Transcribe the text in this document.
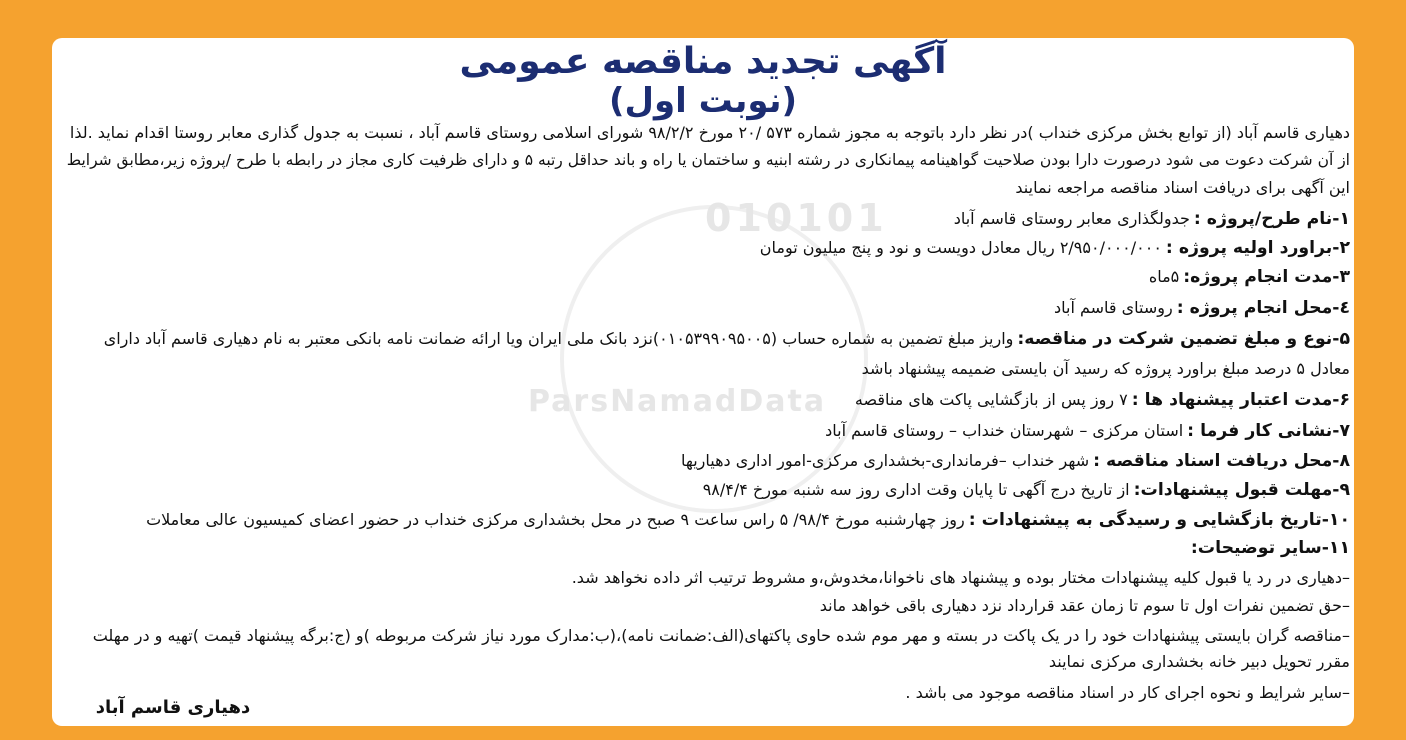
010101
ParsNamadData
آگهی تجدید مناقصه عمومی
(نوبت اول)
دهیاری قاسم آباد (از توابع بخش مرکزی خنداب )در نظر دارد باتوجه به مجوز شماره ۵۷۳ /۲۰ مورخ ۹۸/۲/۲ شورای اسلامی روستای قاسم آباد ، نسبت به جدول گذاری معابر روستا اقدام نماید .لذا
از آن شرکت دعوت می شود درصورت دارا بودن صلاحیت گواهینامه پیمانکاری در رشته ابنیه و ساختمان یا راه و باند حداقل رتبه ۵ و دارای ظرفیت کاری مجاز در رابطه با طرح /پروژه زیر،مطابق شرایط
این آگهی برای دریافت اسناد مناقصه مراجعه نمایند
۱-نام طرح/پروژه :جدولگذاری معابر روستای قاسم آباد
۲-براورد اولیه پروژه :۲/۹۵۰/۰۰۰/۰۰۰ ریال معادل دویست و نود و پنج میلیون تومان
۳-مدت انجام پروژه:۵ماه
٤-محل انجام پروژه :روستای قاسم آباد
۵-نوع و مبلغ تضمین شرکت در مناقصه:واریز مبلغ تضمین به شماره حساب (۰۱۰۵۳۹۹۰۹۵۰۰۵)نزد بانک ملی ایران ویا ارائه ضمانت نامه بانکی معتبر به نام دهیاری قاسم آباد دارای
معادل ۵ درصد مبلغ براورد پروژه که رسید آن بایستی ضمیمه پیشنهاد باشد
۶-مدت اعتبار پیشنهاد ها :۷ روز پس از بازگشایی پاکت های مناقصه
۷-نشانی کار فرما :استان مرکزی – شهرستان خنداب – روستای قاسم آباد
۸-محل دریافت اسناد مناقصه :شهر خنداب –فرمانداری-بخشداری مرکزی-امور اداری دهیاریها
۹-مهلت قبول پیشنهادات:از تاریخ درج آگهی تا پایان وقت اداری روز سه شنبه مورخ ۹۸/۴/۴
۱۰-تاریخ بازگشایی و رسیدگی به پیشنهادات :روز چهارشنبه مورخ ۹۸/۴/ ۵ راس ساعت ۹ صبح در محل بخشداری مرکزی خنداب در حضور اعضای کمیسیون عالی معاملات
۱۱-سایر توضیحات:
–دهیاری در رد یا قبول کلیه پیشنهادات مختار بوده و پیشنهاد های ناخوانا،مخدوش،و مشروط ترتیب اثر داده نخواهد شد.
–حق تضمین نفرات اول تا سوم تا زمان عقد قرارداد نزد دهیاری باقی خواهد ماند
–مناقصه گران بایستی پیشنهادات خود را در یک پاکت در بسته و مهر موم شده حاوی پاکتهای(الف:ضمانت نامه)،(ب:مدارک مورد نیاز شرکت مربوطه )و (ج:برگه پیشنهاد قیمت )تهیه و در مهلت
مقرر تحویل دبیر خانه بخشداری مرکزی نمایند
–سایر شرایط و نحوه اجرای کار در اسناد مناقصه موجود می باشد .
دهیاری قاسم آباد
